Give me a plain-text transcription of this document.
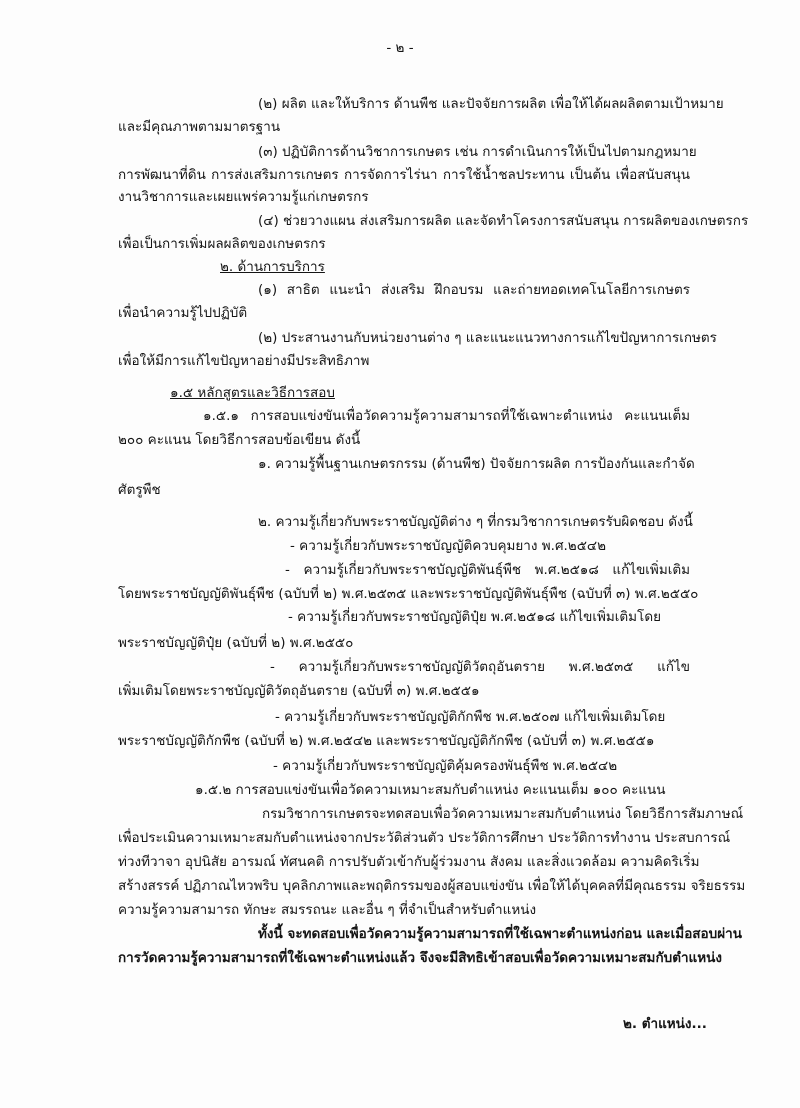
- ๒ -
(๒) ผลิต และให้บริการ ด้านพืช และปัจจัยการผลิต เพื่อให้ได้ผลผลิตตามเป้าหมาย
และมีคุณภาพตามมาตรฐาน
(๓) ปฏิบัติการด้านวิชาการเกษตร เช่น การดำเนินการให้เป็นไปตามกฎหมาย
การพัฒนาที่ดิน การส่งเสริมการเกษตร การจัดการไร่นา การใช้น้ำชลประทาน เป็นต้น เพื่อสนับสนุน
งานวิชาการและเผยแพร่ความรู้แก่เกษตรกร
(๔) ช่วยวางแผน ส่งเสริมการผลิต และจัดทำโครงการสนับสนุน การผลิตของเกษตรกร
เพื่อเป็นการเพิ่มผลผลิตของเกษตรกร
๒. ด้านการบริการ
(๑) สาธิต แนะนำ ส่งเสริม ฝึกอบรม และถ่ายทอดเทคโนโลยีการเกษตร
เพื่อนำความรู้ไปปฏิบัติ
(๒) ประสานงานกับหน่วยงานต่าง ๆ และแนะแนวทางการแก้ไขปัญหาการเกษตร
เพื่อให้มีการแก้ไขปัญหาอย่างมีประสิทธิภาพ
๑.๕ หลักสูตรและวิธีการสอบ
๑.๕.๑ การสอบแข่งขันเพื่อวัดความรู้ความสามารถที่ใช้เฉพาะตำแหน่ง คะแนนเต็ม
๒๐๐ คะแนน โดยวิธีการสอบข้อเขียน ดังนี้
๑. ความรู้พื้นฐานเกษตรกรรม (ด้านพืช) ปัจจัยการผลิต การป้องกันและกำจัด
ศัตรูพืช
๒. ความรู้เกี่ยวกับพระราชบัญญัติต่าง ๆ ที่กรมวิชาการเกษตรรับผิดชอบ ดังนี้
- ความรู้เกี่ยวกับพระราชบัญญัติควบคุมยาง พ.ศ.๒๕๔๒
- ความรู้เกี่ยวกับพระราชบัญญัติพันธุ์พืช พ.ศ.๒๕๑๘ แก้ไขเพิ่มเติม
โดยพระราชบัญญัติพันธุ์พืช (ฉบับที่ ๒) พ.ศ.๒๕๓๕ และพระราชบัญญัติพันธุ์พืช (ฉบับที่ ๓) พ.ศ.๒๕๕๐
- ความรู้เกี่ยวกับพระราชบัญญัติปุ๋ย พ.ศ.๒๕๑๘ แก้ไขเพิ่มเติมโดย
พระราชบัญญัติปุ๋ย (ฉบับที่ ๒) พ.ศ.๒๕๕๐
- ความรู้เกี่ยวกับพระราชบัญญัติวัตถุอันตราย พ.ศ.๒๕๓๕ แก้ไข
เพิ่มเติมโดยพระราชบัญญัติวัตถุอันตราย (ฉบับที่ ๓) พ.ศ.๒๕๕๑
- ความรู้เกี่ยวกับพระราชบัญญัติกักพืช พ.ศ.๒๕๐๗ แก้ไขเพิ่มเติมโดย
พระราชบัญญัติกักพืช (ฉบับที่ ๒) พ.ศ.๒๕๔๒ และพระราชบัญญัติกักพืช (ฉบับที่ ๓) พ.ศ.๒๕๕๑
- ความรู้เกี่ยวกับพระราชบัญญัติคุ้มครองพันธุ์พืช พ.ศ.๒๕๔๒
๑.๕.๒ การสอบแข่งขันเพื่อวัดความเหมาะสมกับตำแหน่ง คะแนนเต็ม ๑๐๐ คะแนน
กรมวิชาการเกษตรจะทดสอบเพื่อวัดความเหมาะสมกับตำแหน่ง โดยวิธีการสัมภาษณ์
เพื่อประเมินความเหมาะสมกับตำแหน่งจากประวัติส่วนตัว ประวัติการศึกษา ประวัติการทำงาน ประสบการณ์
ท่วงทีวาจา อุปนิสัย อารมณ์ ทัศนคติ การปรับตัวเข้ากับผู้ร่วมงาน สังคม และสิ่งแวดล้อม ความคิดริเริ่ม
สร้างสรรค์ ปฏิภาณไหวพริบ บุคลิกภาพและพฤติกรรมของผู้สอบแข่งขัน เพื่อให้ได้บุคคลที่มีคุณธรรม จริยธรรม
ความรู้ความสามารถ ทักษะ สมรรถนะ และอื่น ๆ ที่จำเป็นสำหรับตำแหน่ง
ทั้งนี้ จะทดสอบเพื่อวัดความรู้ความสามารถที่ใช้เฉพาะตำแหน่งก่อน และเมื่อสอบผ่าน
การวัดความรู้ความสามารถที่ใช้เฉพาะตำแหน่งแล้ว จึงจะมีสิทธิเข้าสอบเพื่อวัดความเหมาะสมกับตำแหน่ง
๒. ตำแหน่ง...
